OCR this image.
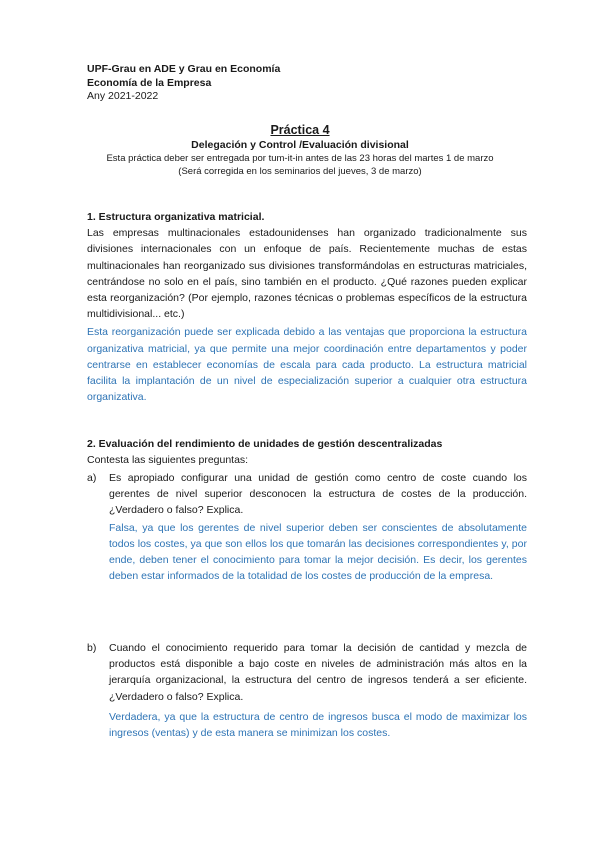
UPF-Grau en ADE y Grau en Economía
Economía de la Empresa
Any 2021-2022
Práctica 4
Delegación y Control /Evaluación divisional
Esta práctica deber ser entregada por tum-it-in antes de las 23 horas del martes 1 de marzo
(Será corregida en los seminarios del jueves, 3 de marzo)
1. Estructura organizativa matricial.

Las empresas multinacionales estadounidenses han organizado tradicionalmente sus divisiones internacionales con un enfoque de país. Recientemente muchas de estas multinacionales han reorganizado sus divisiones transformándolas en estructuras matriciales, centrándose no solo en el país, sino también en el producto. ¿Qué razones pueden explicar esta reorganización? (Por ejemplo, razones técnicas o problemas específicos de la estructura multidivisional... etc.)

Esta reorganización puede ser explicada debido a las ventajas que proporciona la estructura organizativa matricial, ya que permite una mejor coordinación entre departamentos y poder centrarse en establecer economías de escala para cada producto. La estructura matricial facilita la implantación de un nivel de especialización superior a cualquier otra estructura organizativa.

2. Evaluación del rendimiento de unidades de gestión descentralizadas

Contesta las siguientes preguntas:

a) Es apropiado configurar una unidad de gestión como centro de coste cuando los gerentes de nivel superior desconocen la estructura de costes de la producción. ¿Verdadero o falso? Explica.
Falsa, ya que los gerentes de nivel superior deben ser conscientes de absolutamente todos los costes, ya que son ellos los que tomarán las decisiones correspondientes y, por ende, deben tener el conocimiento para tomar la mejor decisión. Es decir, los gerentes deben estar informados de la totalidad de los costes de producción de la empresa.
b) Cuando el conocimiento requerido para tomar la decisión de cantidad y mezcla de productos está disponible a bajo coste en niveles de administración más altos en la jerarquía organizacional, la estructura del centro de ingresos tenderá a ser eficiente. ¿Verdadero o falso? Explica.
Verdadera, ya que la estructura de centro de ingresos busca el modo de maximizar los ingresos (ventas) y de esta manera se minimizan los costes.
